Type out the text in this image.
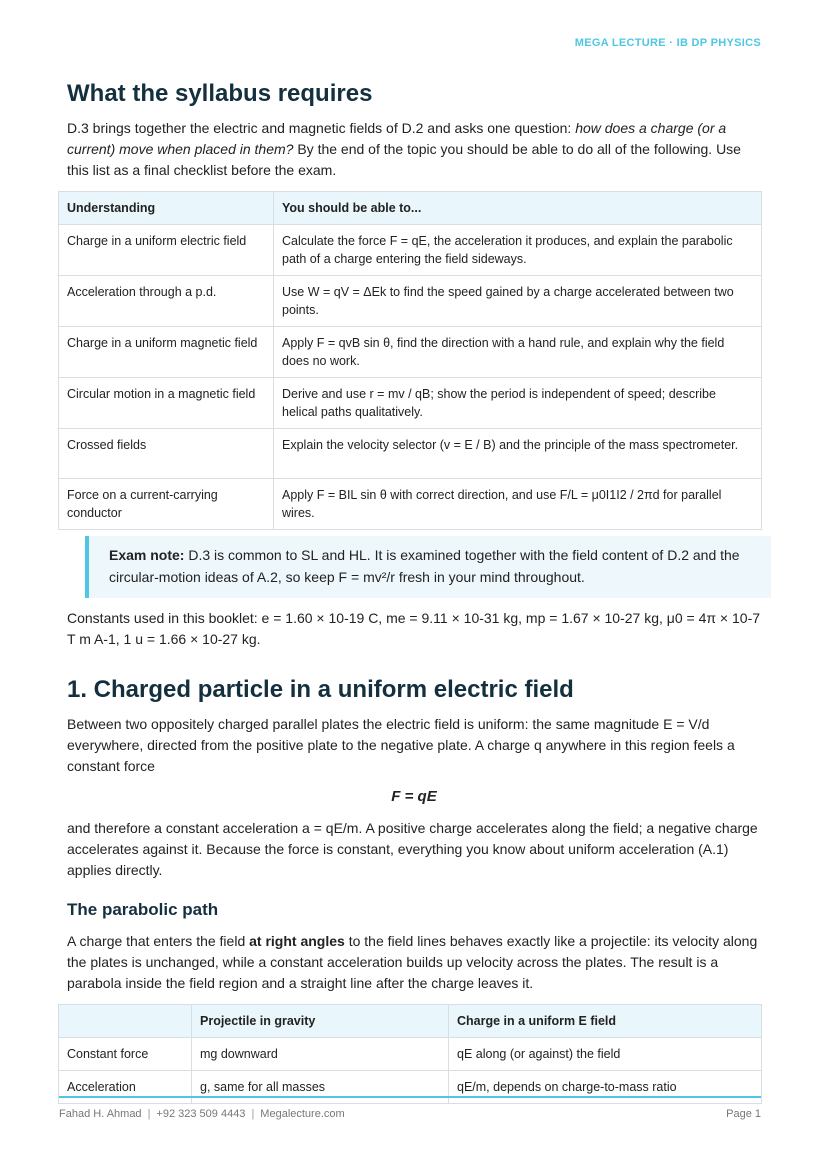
MEGA LECTURE · IB DP PHYSICS
What the syllabus requires

D.3 brings together the electric and magnetic fields of D.2 and asks one question: how does a charge (or a current) move when placed in them? By the end of the topic you should be able to do all of the following. Use this list as a final checklist before the exam.

Understanding	You should be able to...
Charge in a uniform electric field	Calculate the force F = qE, the acceleration it produces, and explain the parabolic path of a charge entering the field sideways.
Acceleration through a p.d.	Use W = qV = ΔEk to find the speed gained by a charge accelerated between two points.
Charge in a uniform magnetic field	Apply F = qvB sin θ, find the direction with a hand rule, and explain why the field does no work.
Circular motion in a magnetic field	Derive and use r = mv / qB; show the period is independent of speed; describe helical paths qualitatively.
Crossed fields	Explain the velocity selector (v = E / B) and the principle of the mass spectrometer.
Force on a current-carrying conductor	Apply F = BIL sin θ with correct direction, and use F/L = μ0I1I2 / 2πd for parallel wires.
Exam note: D.3 is common to SL and HL. It is examined together with the field content of D.2 and the circular-motion ideas of A.2, so keep F = mv²/r fresh in your mind throughout.

Constants used in this booklet: e = 1.60 × 10-19 C, me = 9.11 × 10-31 kg, mp = 1.67 × 10-27 kg, μ0 = 4π × 10-7 T m A-1, 1 u = 1.66 × 10-27 kg.

1. Charged particle in a uniform electric field

Between two oppositely charged parallel plates the electric field is uniform: the same magnitude E = V/d everywhere, directed from the positive plate to the negative plate. A charge q anywhere in this region feels a constant force

F = qE

and therefore a constant acceleration a = qE/m. A positive charge accelerates along the field; a negative charge accelerates against it. Because the force is constant, everything you know about uniform acceleration (A.1) applies directly.

The parabolic path

A charge that enters the field at right angles to the field lines behaves exactly like a projectile: its velocity along the plates is unchanged, while a constant acceleration builds up velocity across the plates. The result is a parabola inside the field region and a straight line after the charge leaves it.

	Projectile in gravity	Charge in a uniform E field
Constant force	mg downward	qE along (or against) the field
Acceleration	g, same for all masses	qE/m, depends on charge-to-mass ratio
Fahad H. Ahmad | +92 323 509 4443 | Megalecture.com	Page 1
